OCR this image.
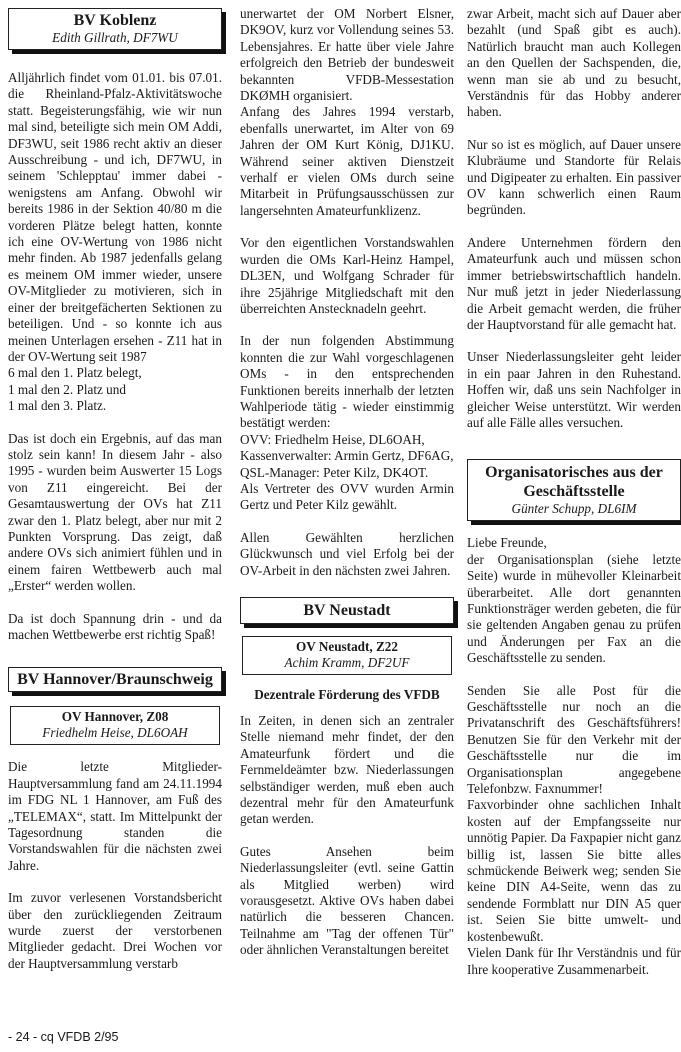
BV Koblenz
Edith Gillrath, DF7WU

Alljährlich findet vom 01.01. bis 07.01. die Rheinland-Pfalz-Aktivitätswoche statt. Begeisterungsfähig, wie wir nun mal sind, beteiligte sich mein OM Addi, DF3WU, seit 1986 recht aktiv an dieser Ausschreibung - und ich, DF7WU, in seinem 'Schlepptau' immer dabei - wenigstens am Anfang. Obwohl wir bereits 1986 in der Sektion 40/80 m die vorderen Plätze belegt hatten, konnte ich eine OV-Wertung von 1986 nicht mehr finden. Ab 1987 jedenfalls gelang es meinem OM immer wieder, unsere OV-Mitglieder zu motivieren, sich in einer der breitgefächerten Sektionen zu beteiligen. Und - so konnte ich aus meinen Unterlagen ersehen - Z11 hat in der OV-Wertung seit 1987

6 mal den 1. Platz belegt,

1 mal den 2. Platz und

1 mal den 3. Platz.

Das ist doch ein Ergebnis, auf das man stolz sein kann! In diesem Jahr - also 1995 - wurden beim Auswerter 15 Logs von Z11 eingereicht. Bei der Gesamtauswertung der OVs hat Z11 zwar den 1. Platz belegt, aber nur mit 2 Punkten Vorsprung. Das zeigt, daß andere OVs sich animiert fühlen und in einem fairen Wettbewerb auch mal „Erster“ werden wollen.

Da ist doch Spannung drin - und da machen Wettbewerbe erst richtig Spaß!

BV Hannover/Braunschweig
OV Hannover, Z08
Friedhelm Heise, DL6OAH

Die letzte Mitglieder-Hauptversammlung fand am 24.11.1994 im FDG NL 1 Hannover, am Fuß des „TELEMAX“, statt. Im Mittelpunkt der Tagesordnung standen die Vorstandswahlen für die nächsten zwei Jahre.

Im zuvor verlesenen Vorstandsbericht über den zurückliegenden Zeitraum wurde zuerst der verstorbenen Mitglieder gedacht. Drei Wochen vor der Hauptversammlung verstarb

unerwartet der OM Norbert Elsner, DK9OV, kurz vor Vollendung seines 53. Lebensjahres. Er hatte über viele Jahre erfolgreich den Betrieb der bundesweit bekannten VFDB-Messestation DKØMH organisiert.

Anfang des Jahres 1994 verstarb, ebenfalls unerwartet, im Alter von 69 Jahren der OM Kurt König, DJ1KU. Während seiner aktiven Dienstzeit verhalf er vielen OMs durch seine Mitarbeit in Prüfungsausschüssen zur langersehnten Amateurfunklizenz.

Vor den eigentlichen Vorstandswahlen wurden die OMs Karl-Heinz Hampel, DL3EN, und Wolfgang Schrader für ihre 25jährige Mitgliedschaft mit den überreichten Anstecknadeln geehrt.

In der nun folgenden Abstimmung konnten die zur Wahl vorgeschlagenen OMs - in den entsprechenden Funktionen bereits innerhalb der letzten Wahlperiode tätig - wieder einstimmig bestätigt werden:

OVV: Friedhelm Heise, DL6OAH,

Kassenverwalter: Armin Gertz, DF6AG,

QSL-Manager: Peter Kilz, DK4OT.

Als Vertreter des OVV wurden Armin Gertz und Peter Kilz gewählt.

Allen Gewählten herzlichen Glückwunsch und viel Erfolg bei der OV-Arbeit in den nächsten zwei Jahren.

BV Neustadt
OV Neustadt, Z22
Achim Kramm, DF2UF

Dezentrale Förderung des VFDB

In Zeiten, in denen sich an zentraler Stelle niemand mehr findet, der den Amateurfunk fördert und die Fernmeldeämter bzw. Niederlassungen selbständiger werden, muß eben auch dezentral mehr für den Amateurfunk getan werden.

Gutes Ansehen beim Niederlassungsleiter (evtl. seine Gattin als Mitglied werben) wird vorausgesetzt. Aktive OVs haben dabei natürlich die besseren Chancen. Teilnahme am "Tag der offenen Tür" oder ähnlichen Veranstaltungen bereitet

zwar Arbeit, macht sich auf Dauer aber bezahlt (und Spaß gibt es auch). Natürlich braucht man auch Kollegen an den Quellen der Sachspenden, die, wenn man sie ab und zu besucht, Verständnis für das Hobby anderer haben.

Nur so ist es möglich, auf Dauer unsere Klubräume und Standorte für Relais und Digipeater zu erhalten. Ein passiver OV kann schwerlich einen Raum begründen.

Andere Unternehmen fördern den Amateurfunk auch und müssen schon immer betriebswirtschaftlich handeln. Nur muß jetzt in jeder Niederlassung die Arbeit gemacht werden, die früher der Hauptvorstand für alle gemacht hat.

Unser Niederlassungsleiter geht leider in ein paar Jahren in den Ruhestand. Hoffen wir, daß uns sein Nachfolger in gleicher Weise unterstützt. Wir werden auf alle Fälle alles versuchen.

Organisatorisches aus der
Geschäftsstelle
Günter Schupp, DL6IM

Liebe Freunde,

der Organisationsplan (siehe letzte Seite) wurde in mühevoller Kleinarbeit überarbeitet. Alle dort genannten Funktionsträger werden gebeten, die für sie geltenden Angaben genau zu prüfen und Änderungen per Fax an die Geschäftsstelle zu senden.

Senden Sie alle Post für die Geschäftsstelle nur noch an die Privatanschrift des Geschäftsführers! Benutzen Sie für den Verkehr mit der Geschäftsstelle nur die im Organisationsplan angegebene Telefonbzw. Faxnummer!

Faxvorbinder ohne sachlichen Inhalt kosten auf der Empfangsseite nur unnötig Papier. Da Faxpapier nicht ganz billig ist, lassen Sie bitte alles schmückende Beiwerk weg; senden Sie keine DIN A4-Seite, wenn das zu sendende Formblatt nur DIN A5 quer ist. Seien Sie bitte umwelt- und kostenbewußt.

Vielen Dank für Ihr Verständnis und für Ihre kooperative Zusammenarbeit.

- 24 - cq VFDB 2/95
